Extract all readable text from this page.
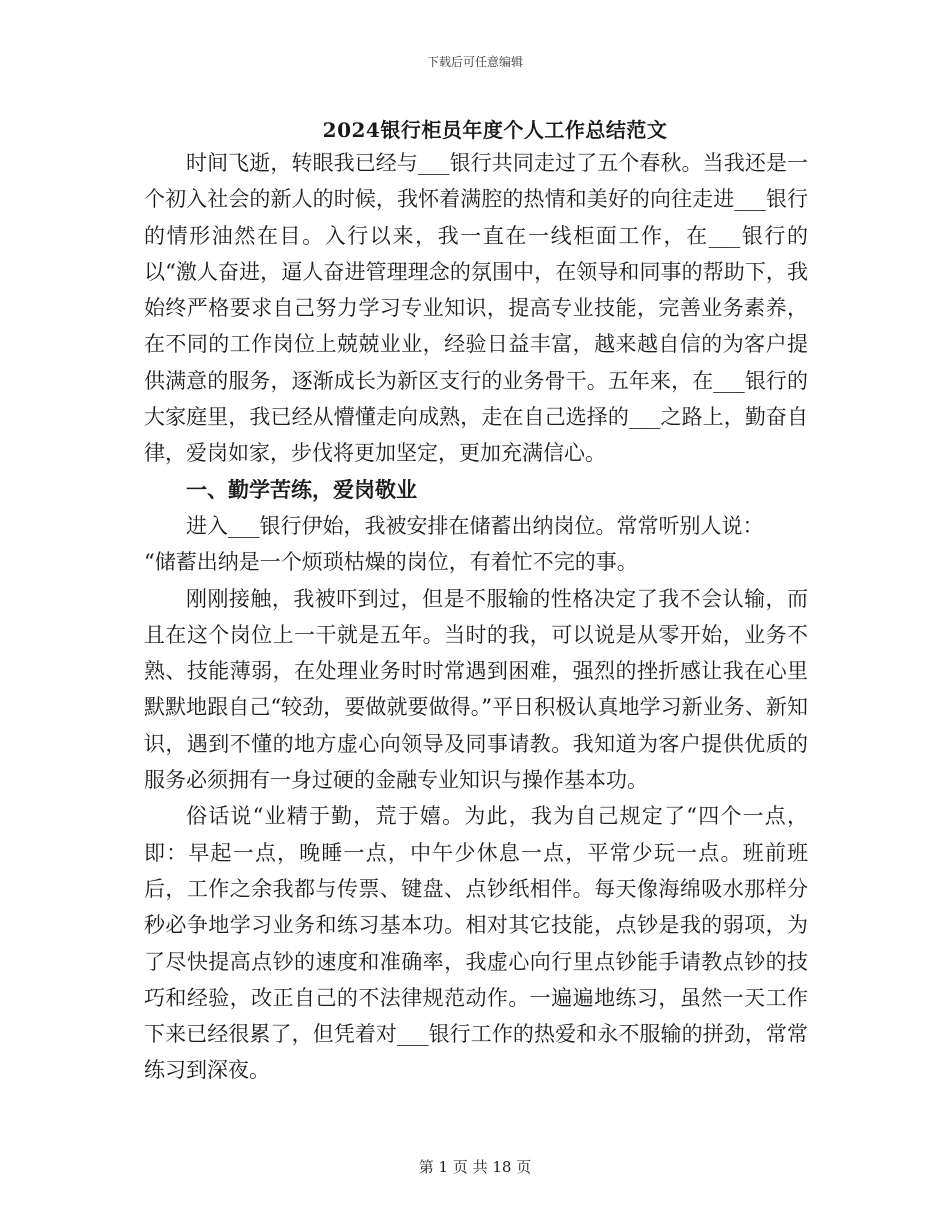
下载后可任意编辑
2024银行柜员年度个人工作总结范文

时间飞逝，转眼我已经与___银行共同走过了五个春秋。当我还是一个初入社会的新人的时候，我怀着满腔的热情和美好的向往走进___银行的情形油然在目。入行以来，我一直在一线柜面工作，在___银行的以“激人奋进，逼人奋进管理理念的氛围中，在领导和同事的帮助下，我始终严格要求自己努力学习专业知识，提高专业技能，完善业务素养，在不同的工作岗位上兢兢业业，经验日益丰富，越来越自信的为客户提供满意的服务，逐渐成长为新区支行的业务骨干。五年来，在___银行的大家庭里，我已经从懵懂走向成熟，走在自己选择的___之路上，勤奋自律，爱岗如家，步伐将更加坚定，更加充满信心。

一、勤学苦练，爱岗敬业

进入___银行伊始，我被安排在储蓄出纳岗位。常常听别人说：

“储蓄出纳是一个烦琐枯燥的岗位，有着忙不完的事。

刚刚接触，我被吓到过，但是不服输的性格决定了我不会认输，而且在这个岗位上一干就是五年。当时的我，可以说是从零开始，业务不熟、技能薄弱，在处理业务时时常遇到困难，强烈的挫折感让我在心里默默地跟自己“较劲，要做就要做得。”平日积极认真地学习新业务、新知识，遇到不懂的地方虚心向领导及同事请教。我知道为客户提供优质的服务必须拥有一身过硬的金融专业知识与操作基本功。

俗话说“业精于勤，荒于嬉。为此，我为自己规定了“四个一点，即：早起一点，晚睡一点，中午少休息一点，平常少玩一点。班前班后，工作之余我都与传票、键盘、点钞纸相伴。每天像海绵吸水那样分秒必争地学习业务和练习基本功。相对其它技能，点钞是我的弱项，为了尽快提高点钞的速度和准确率，我虚心向行里点钞能手请教点钞的技巧和经验，改正自己的不法律规范动作。一遍遍地练习，虽然一天工作下来已经很累了，但凭着对___银行工作的热爱和永不服输的拼劲，常常练习到深夜。

第 1 页 共 18 页
